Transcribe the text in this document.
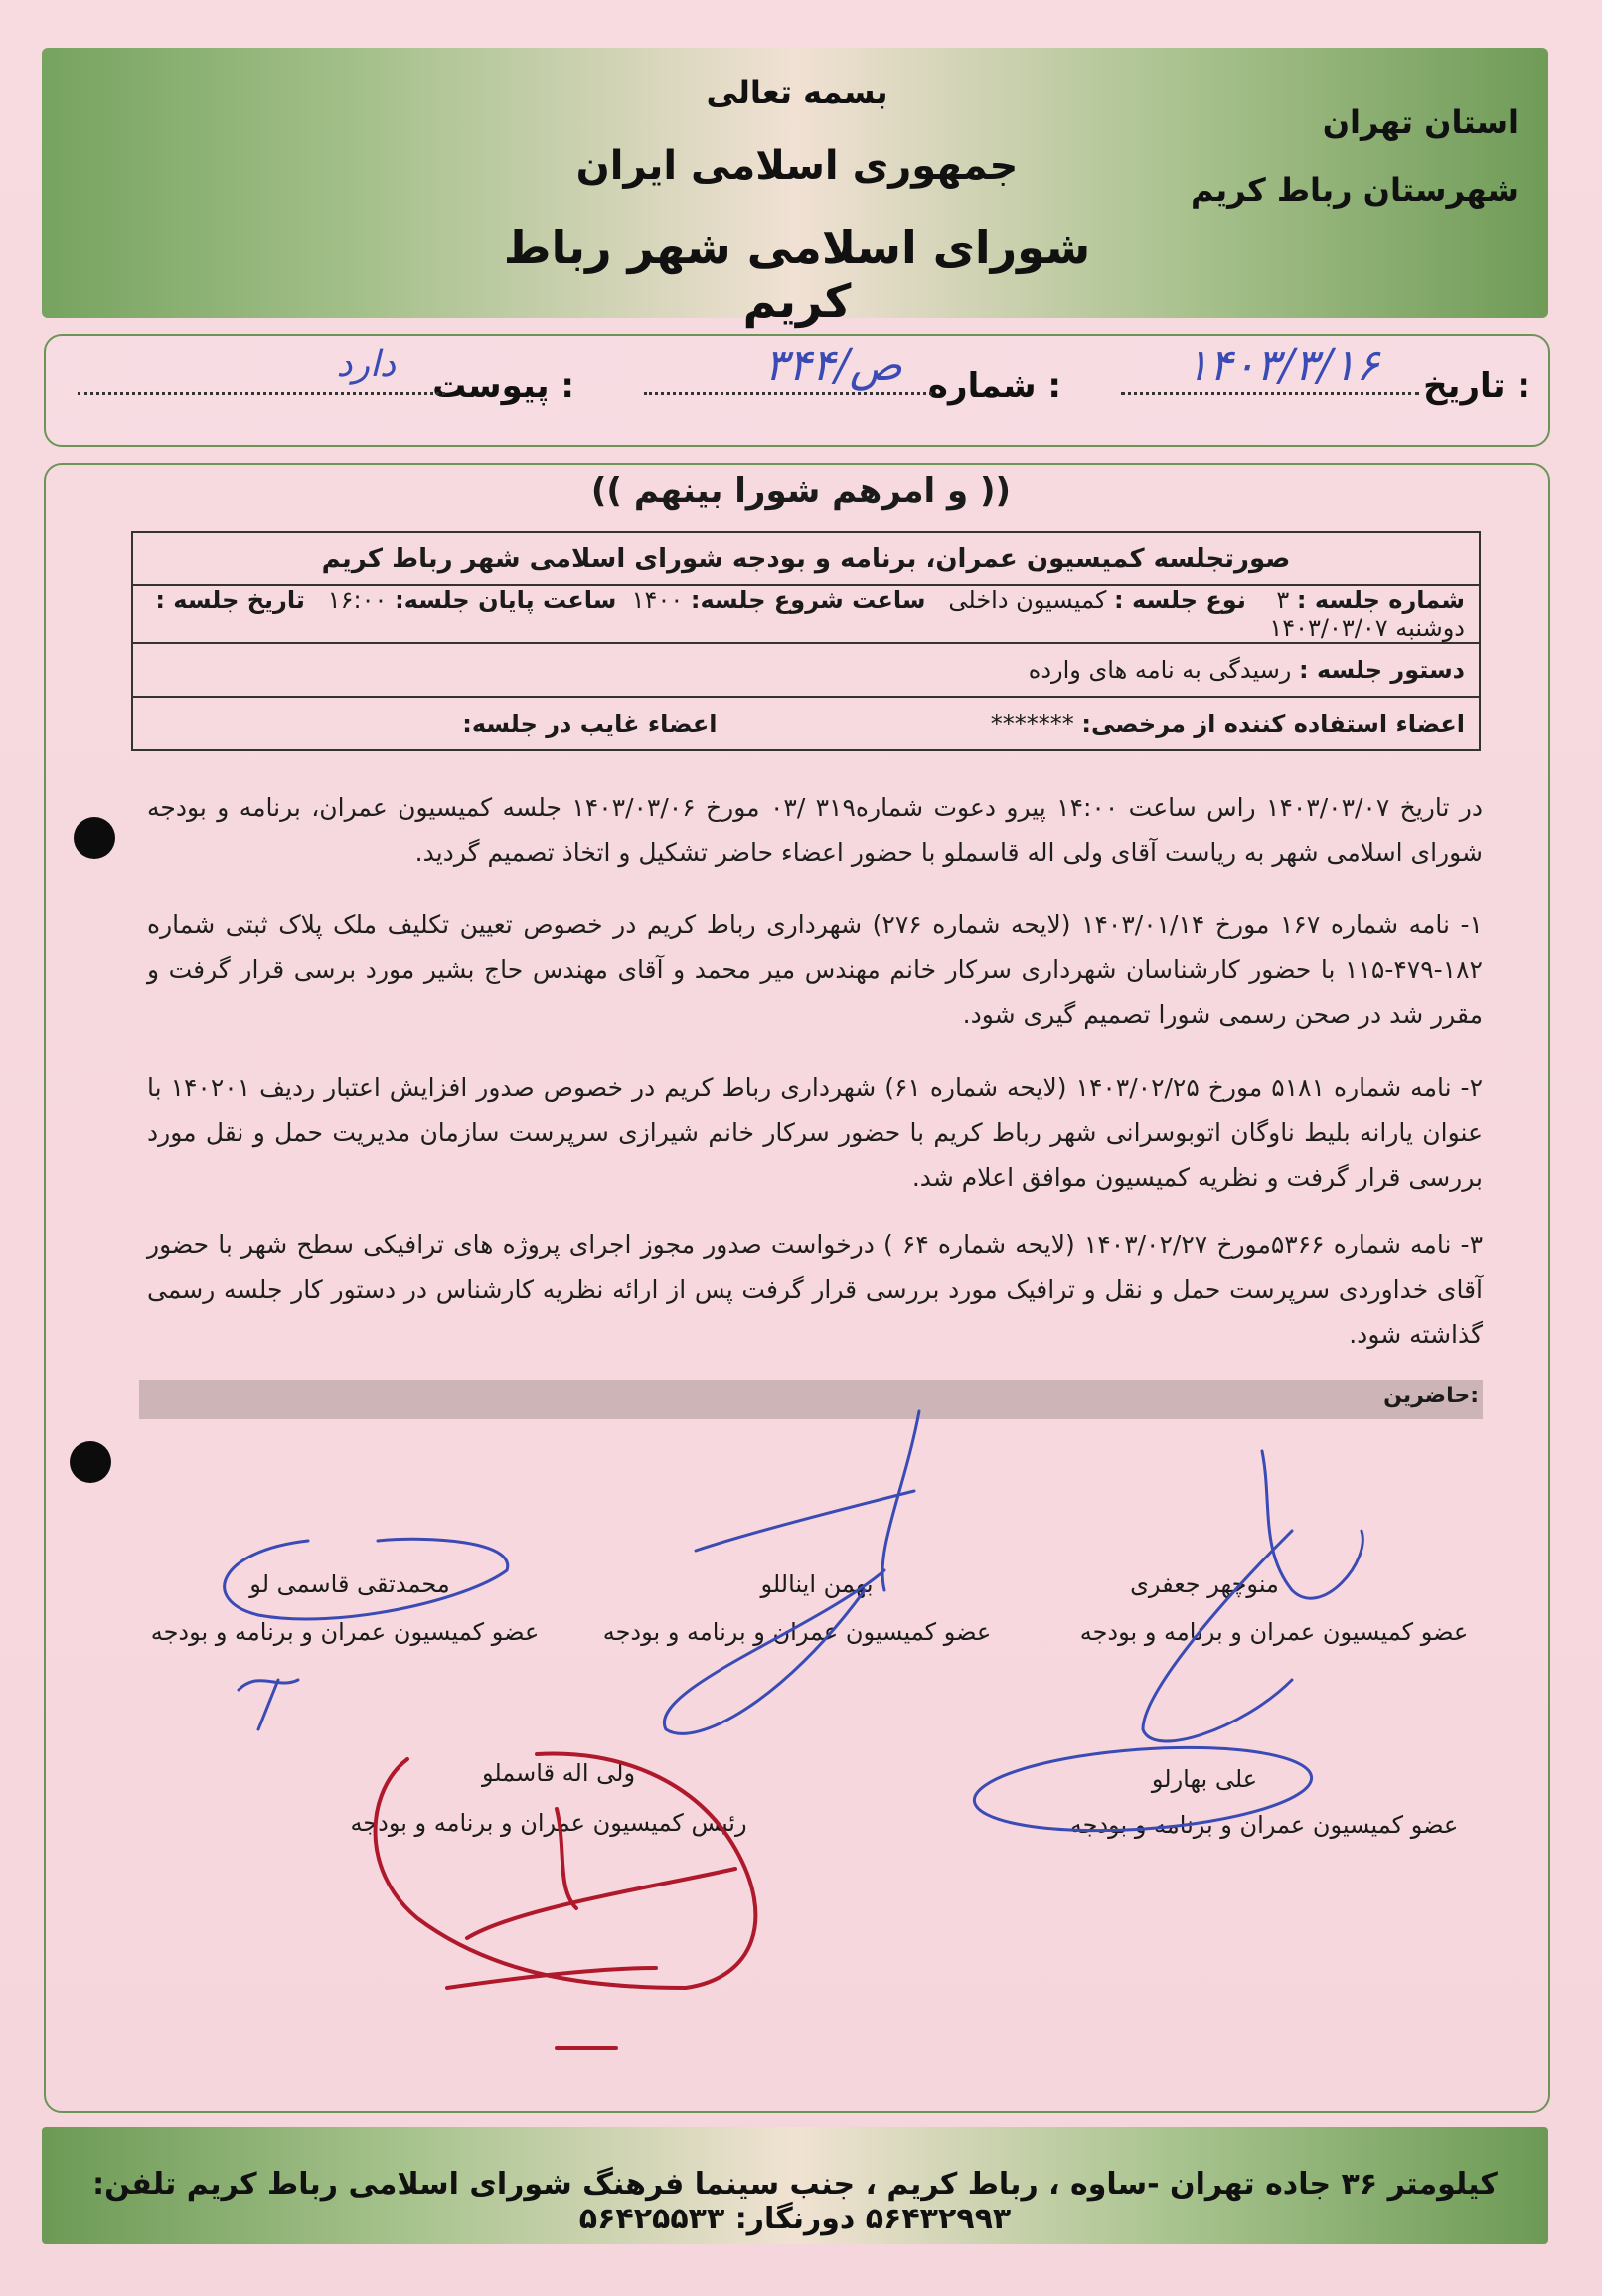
بسمه تعالی
جمهوری اسلامی ایران
شورای اسلامی شهر رباط کریم
استان تهران
شهرستان رباط کریم
تاریخ :
۱۴۰۳/۳/۱۶
شماره :
۳۴۴/ص
پیوست :
دارد
(( و امرهم شورا بینهم ))
صورتجلسه کمیسیون عمران، برنامه و بودجه شورای اسلامی شهر رباط کریم
شماره جلسه : ۳    نوع جلسه : کمیسیون داخلی   ساعت شروع جلسه: ۱۴۰۰  ساعت پایان جلسه: ۱۶:۰۰   تاریخ جلسه : دوشنبه ۱۴۰۳/۰۳/۰۷
دستور جلسه : رسیدگی به نامه های وارده
اعضاء استفاده کننده از مرخصی: *******  اعضاء غایب در جلسه:
در تاریخ ۱۴۰۳/۰۳/۰۷ راس ساعت ۱۴:۰۰ پیرو دعوت شماره۳۱۹ /۰۳ مورخ ۱۴۰۳/۰۳/۰۶ جلسه کمیسیون عمران، برنامه و بودجه شورای اسلامی شهر به ریاست آقای ولی اله قاسملو با حضور اعضاء حاضر تشکیل و اتخاذ تصمیم گردید.
۱- نامه شماره ۱۶۷ مورخ ۱۴۰۳/۰۱/۱۴ (لایحه شماره ۲۷۶) شهرداری رباط کریم در خصوص تعیین تکلیف ملک پلاک ثبتی شماره ۱۸۲-۴۷۹-۱۱۵ با حضور کارشناسان شهرداری سرکار خانم مهندس میر محمد و آقای مهندس حاج بشیر مورد برسی قرار گرفت و مقرر شد در صحن رسمی شورا تصمیم گیری شود.
۲- نامه شماره ۵۱۸۱ مورخ ۱۴۰۳/۰۲/۲۵ (لایحه شماره ۶۱) شهرداری رباط کریم در خصوص صدور افزایش اعتبار ردیف ۱۴۰۲۰۱ با عنوان یارانه بلیط ناوگان اتوبوسرانی شهر رباط کریم با حضور سرکار خانم شیرازی سرپرست سازمان مدیریت حمل و نقل مورد بررسی قرار گرفت و نظریه کمیسیون موافق اعلام شد.
۳- نامه شماره ۵۳۶۶مورخ ۱۴۰۳/۰۲/۲۷ (لایحه شماره ۶۴ ) درخواست صدور مجوز اجرای پروژه های ترافیکی سطح شهر با حضور آقای خداوردی سرپرست حمل و نقل و ترافیک مورد بررسی قرار گرفت پس از ارائه نظریه کارشناس در دستور کار جلسه رسمی گذاشته شود.
حاضرین:
منوچهر جعفری
عضو کمیسیون عمران و برنامه و بودجه
بهمن ایناللو
عضو کمیسیون عمران و برنامه و بودجه
محمدتقی قاسمی لو
عضو کمیسیون عمران و برنامه و بودجه
علی بهارلو
عضو کمیسیون عمران و برنامه و بودجه
ولی اله قاسملو
رئیس کمیسیون عمران و برنامه و بودجه
کیلومتر ۳۶ جاده تهران -ساوه ، رباط کریم ، جنب سینما فرهنگ شورای اسلامی رباط کریم تلفن: ۵۶۴۳۲۹۹۳ دورنگار: ۵۶۴۲۵۵۳۳
